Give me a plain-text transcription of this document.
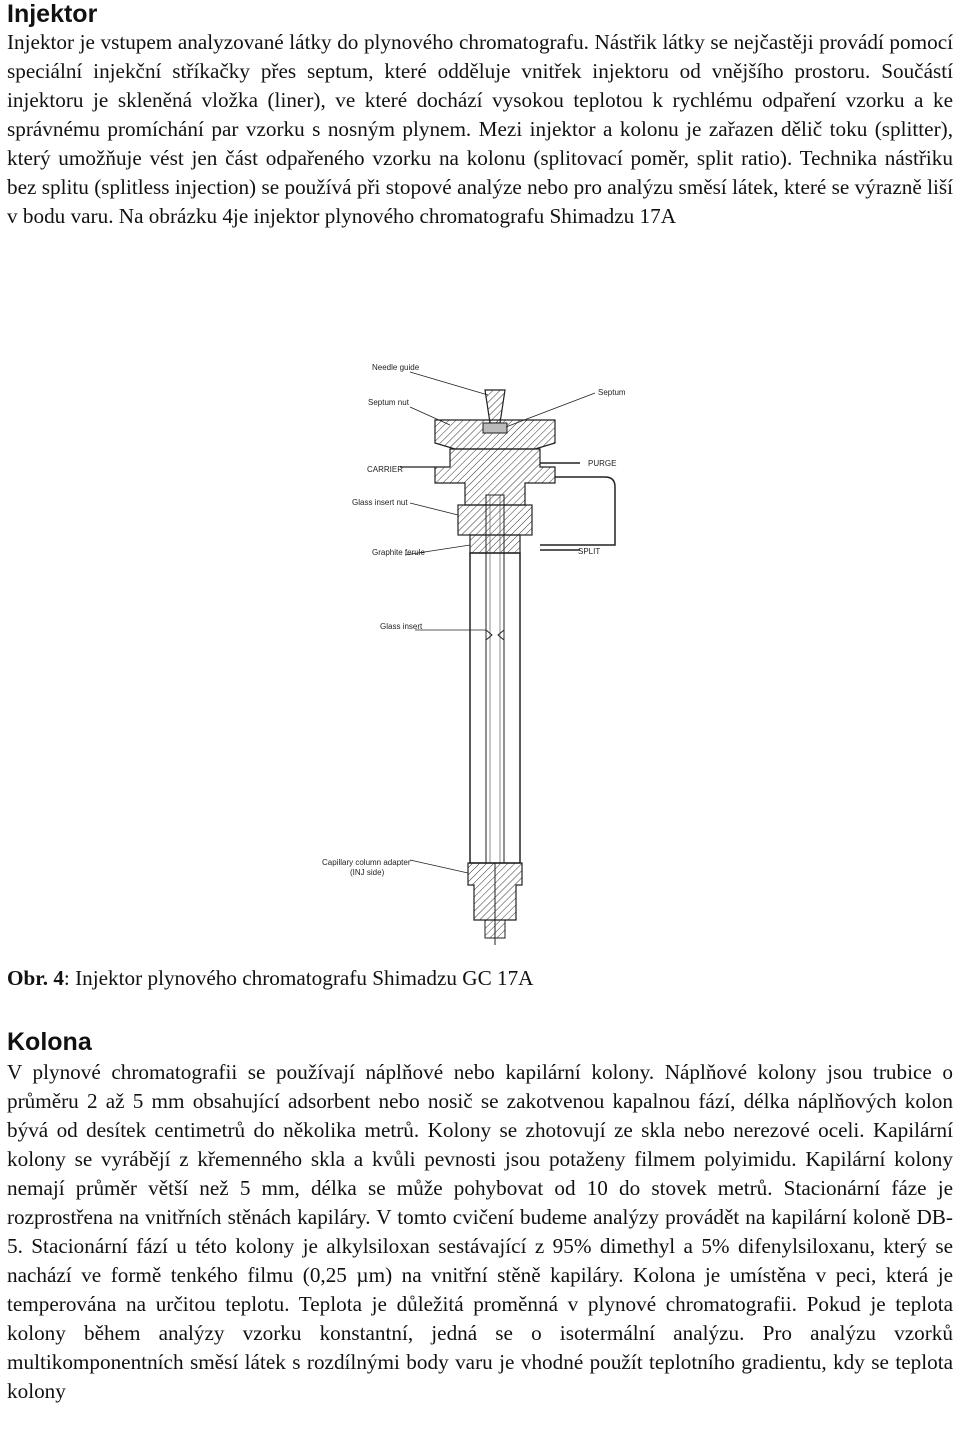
Injektor

Injektor je vstupem analyzované látky do plynového chromatografu. Nástřik látky se nejčastěji provádí pomocí speciální injekční stříkačky přes septum, které odděluje vnitřek injektoru od vnějšího prostoru. Součástí injektoru je skleněná vložka (liner), ve které dochází vysokou teplotou k rychlému odpaření vzorku a ke správnému promíchání par vzorku s nosným plynem. Mezi injektor a kolonu je zařazen dělič toku (splitter), který umožňuje vést jen část odpařeného vzorku na kolonu (splitovací poměr, split ratio). Technika nástřiku bez splitu (splitless injection) se používá při stopové analýze nebo pro analýzu směsí látek, které se výrazně liší v bodu varu. Na obrázku 4je injektor plynového chromatografu Shimadzu 17A

Needle guide
Septum nut
Septum
CARRIER
PURGE
Glass insert nut
Graphite ferule	SPLIT
Glass insert
Capillary column adapter
(INJ side)
Obr. 4: Injektor plynového chromatografu Shimadzu GC 17A
Kolona

V plynové chromatografii se používají náplňové nebo kapilární kolony. Náplňové kolony jsou trubice o průměru 2 až 5 mm obsahující adsorbent nebo nosič se zakotvenou kapalnou fází, délka náplňových kolon bývá od desítek centimetrů do několika metrů. Kolony se zhotovují ze skla nebo nerezové oceli. Kapilární kolony se vyrábějí z křemenného skla a kvůli pevnosti jsou potaženy filmem polyimidu. Kapilární kolony nemají průměr větší než 5 mm, délka se může pohybovat od 10 do stovek metrů. Stacionární fáze je rozprostřena na vnitřních stěnách kapiláry. V tomto cvičení budeme analýzy provádět na kapilární koloně DB-5. Stacionární fází u této kolony je alkylsiloxan sestávající z 95% dimethyl a 5% difenylsiloxanu, který se nachází ve formě tenkého filmu (0,25 µm) na vnitřní stěně kapiláry. Kolona je umístěna v peci, která je temperována na určitou teplotu. Teplota je důležitá proměnná v plynové chromatografii. Pokud je teplota kolony během analýzy vzorku konstantní, jedná se o isotermální analýzu. Pro analýzu vzorků multikomponentních směsí látek s rozdílnými body varu je vhodné použít teplotního gradientu, kdy se teplota kolony
